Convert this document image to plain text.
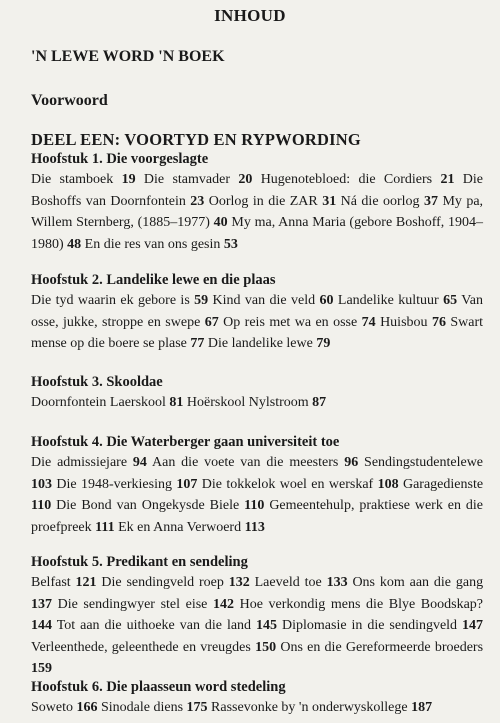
INHOUD
'N LEWE WORD 'N BOEK
Voorwoord
DEEL EEN: VOORTYD EN RYPWORDING
Hoofstuk 1. Die voorgeslagte
Die stamboek 19 Die stamvader 20 Hugenotebloed: die Cordiers 21 Die Boshoffs van Doornfontein 23 Oorlog in die ZAR 31 Ná die oorlog 37 My pa, Willem Sternberg, (1885–1977) 40 My ma, Anna Maria (gebore Boshoff, 1904–1980) 48 En die res van ons gesin 53
Hoofstuk 2. Landelike lewe en die plaas
Die tyd waarin ek gebore is 59 Kind van die veld 60 Landelike kultuur 65 Van osse, jukke, stroppe en swepe 67 Op reis met wa en osse 74 Huisbou 76 Swart mense op die boere se plase 77 Die landelike lewe 79
Hoofstuk 3. Skooldae
Doornfontein Laerskool 81 Hoërskool Nylstroom 87
Hoofstuk 4. Die Waterberger gaan universiteit toe
Die admissiejare 94 Aan die voete van die meesters 96 Sendingstudentelewe 103 Die 1948-verkiesing 107 Die tokkelok woel en werskaf 108 Garagedienste 110 Die Bond van Ongekysde Biele 110 Gemeentehulp, praktiese werk en die proefpreek 111 Ek en Anna Verwoerd 113
Hoofstuk 5. Predikant en sendeling
Belfast 121 Die sendingveld roep 132 Laeveld toe 133 Ons kom aan die gang 137 Die sendingwyer stel eise 142 Hoe verkondig mens die Blye Boodskap? 144 Tot aan die uithoeke van die land 145 Diplomasie in die sendingveld 147 Verleenthede, geleenthede en vreugdes 150 Ons en die Gereformeerde broeders 159
Hoofstuk 6. Die plaasseun word stedeling
Soweto 166 Sinodale diens 175 Rassevonke by 'n onderwyskollege 187
